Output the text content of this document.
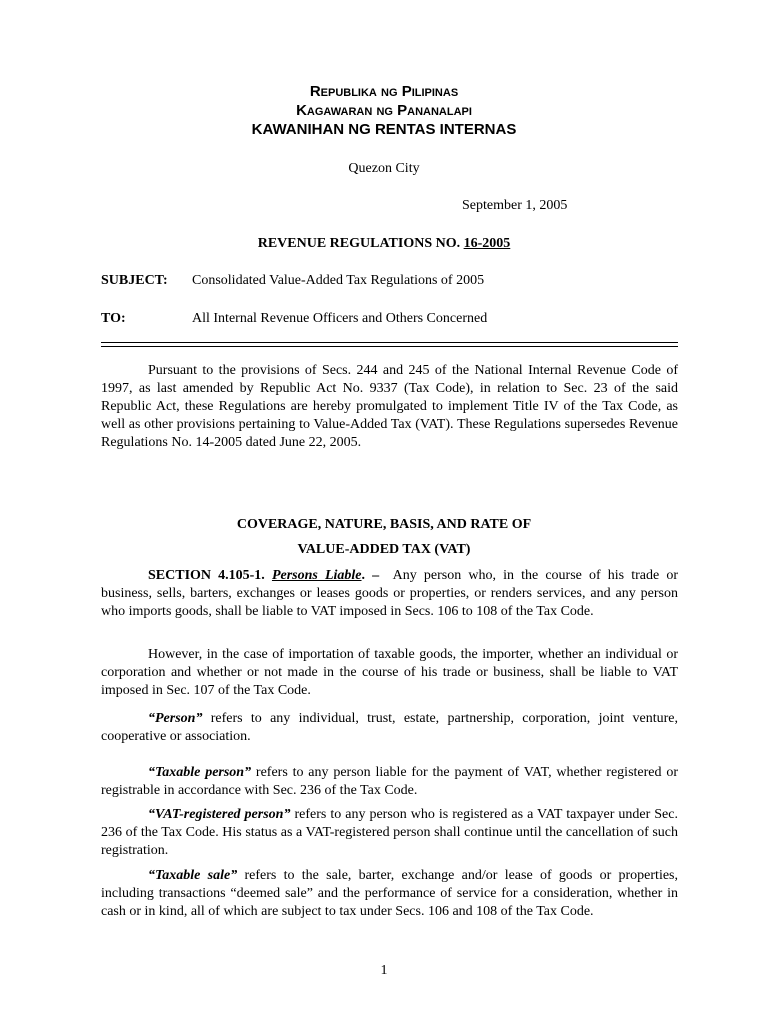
Republika ng Pilipinas
Kagawaran ng Pananalapi
KAWANIHAN NG RENTAS INTERNAS
Quezon City
September 1, 2005
REVENUE REGULATIONS NO. 16-2005
SUBJECT: Consolidated Value-Added Tax Regulations of 2005
TO:	All Internal Revenue Officers and Others Concerned
Pursuant to the provisions of Secs. 244 and 245 of the National Internal Revenue Code of 1997, as last amended by Republic Act No. 9337 (Tax Code), in relation to Sec. 23 of the said Republic Act, these Regulations are hereby promulgated to implement Title IV of the Tax Code, as well as other provisions pertaining to Value-Added Tax (VAT). These Regulations supersedes Revenue Regulations No. 14-2005 dated June 22, 2005.
COVERAGE, NATURE, BASIS, AND RATE OF
VALUE-ADDED TAX (VAT)
SECTION 4.105-1. Persons Liable. – Any person who, in the course of his trade or business, sells, barters, exchanges or leases goods or properties, or renders services, and any person who imports goods, shall be liable to VAT imposed in Secs. 106 to 108 of the Tax Code.
However, in the case of importation of taxable goods, the importer, whether an individual or corporation and whether or not made in the course of his trade or business, shall be liable to VAT imposed in Sec. 107 of the Tax Code.
“Person” refers to any individual, trust, estate, partnership, corporation, joint venture, cooperative or association.
“Taxable person” refers to any person liable for the payment of VAT, whether registered or registrable in accordance with Sec. 236 of the Tax Code.
“VAT-registered person” refers to any person who is registered as a VAT taxpayer under Sec. 236 of the Tax Code. His status as a VAT-registered person shall continue until the cancellation of such registration.
“Taxable sale” refers to the sale, barter, exchange and/or lease of goods or properties, including transactions “deemed sale” and the performance of service for a consideration, whether in cash or in kind, all of which are subject to tax under Secs. 106 and 108 of the Tax Code.
1
